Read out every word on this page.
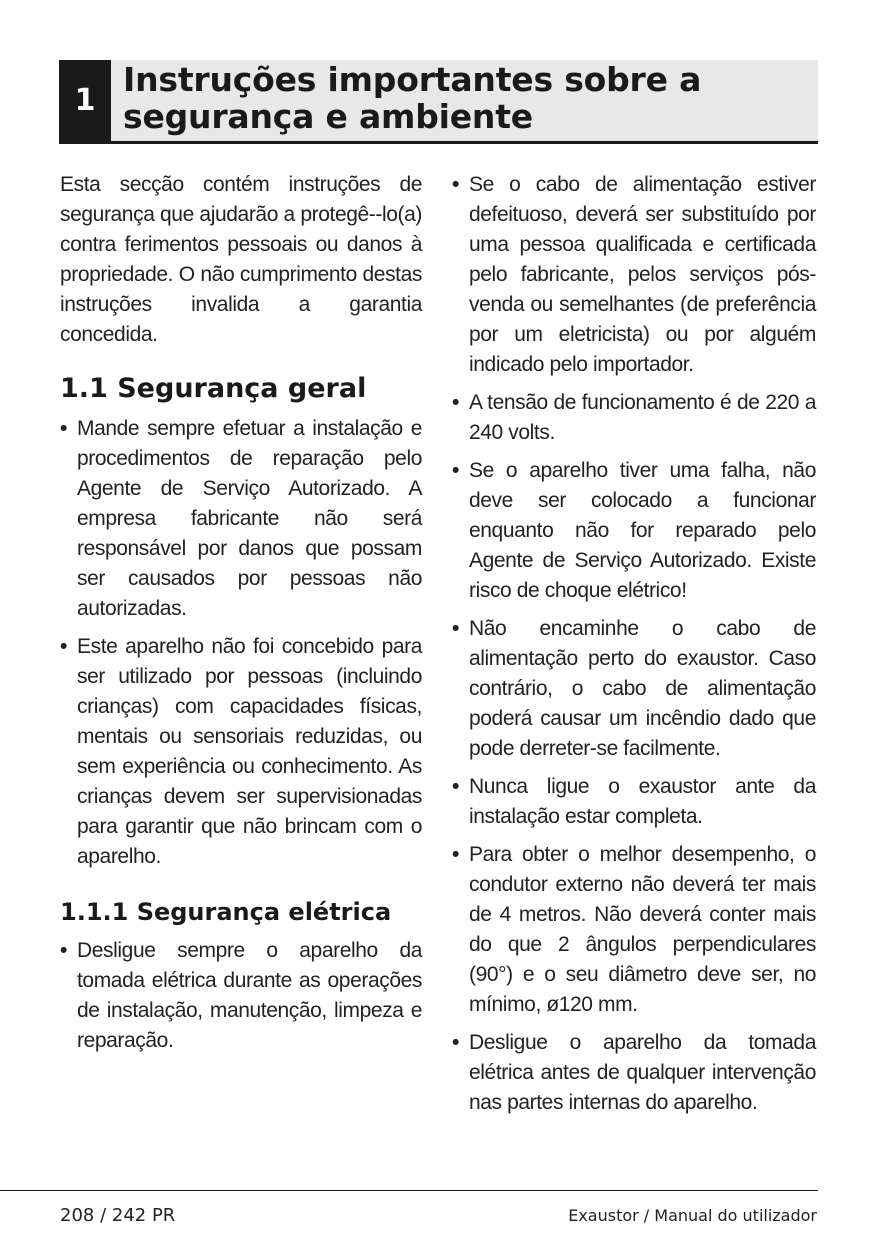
1
Instruções importantes sobre a segurança e ambiente

Esta secção contém instruções de segurança que ajudarão a protegê--lo(a) contra ferimentos pessoais ou danos à propriedade. O não cumprimento destas instruções invalida a garantia concedida.

1.1 Segurança geral
• Mande sempre efetuar a instalação e procedimentos de reparação pelo Agente de Serviço Autorizado. A empresa fabricante não será responsável por danos que possam ser causados por pessoas não autorizadas.
• Este aparelho não foi concebido para ser utilizado por pessoas (incluindo crianças) com capacidades físicas, mentais ou sensoriais reduzidas, ou sem experiência ou conhecimento. As crianças devem ser supervisionadas para garantir que não brincam com o aparelho.
1.1.1 Segurança elétrica
• Desligue sempre o aparelho da tomada elétrica durante as operações de instalação, manutenção, limpeza e reparação.
• Se o cabo de alimentação estiver defeituoso, deverá ser substituído por uma pessoa qualificada e certificada pelo fabricante, pelos serviços pós-venda ou semelhantes (de preferência por um eletricista) ou por alguém indicado pelo importador.
• A tensão de funcionamento é de 220 a 240 volts.
• Se o aparelho tiver uma falha, não deve ser colocado a funcionar enquanto não for reparado pelo Agente de Serviço Autorizado. Existe risco de choque elétrico!
• Não encaminhe o cabo de alimentação perto do exaustor. Caso contrário, o cabo de alimentação poderá causar um incêndio dado que pode derreter-se facilmente.
• Nunca ligue o exaustor ante da instalação estar completa.
• Para obter o melhor desempenho, o condutor externo não deverá ter mais de 4 metros. Não deverá conter mais do que 2 ângulos perpendiculares (90°) e o seu diâmetro deve ser, no mínimo, ø120 mm.
• Desligue o aparelho da tomada elétrica antes de qualquer intervenção nas partes internas do aparelho.
208 / 242 PR	Exaustor / Manual do utilizador
